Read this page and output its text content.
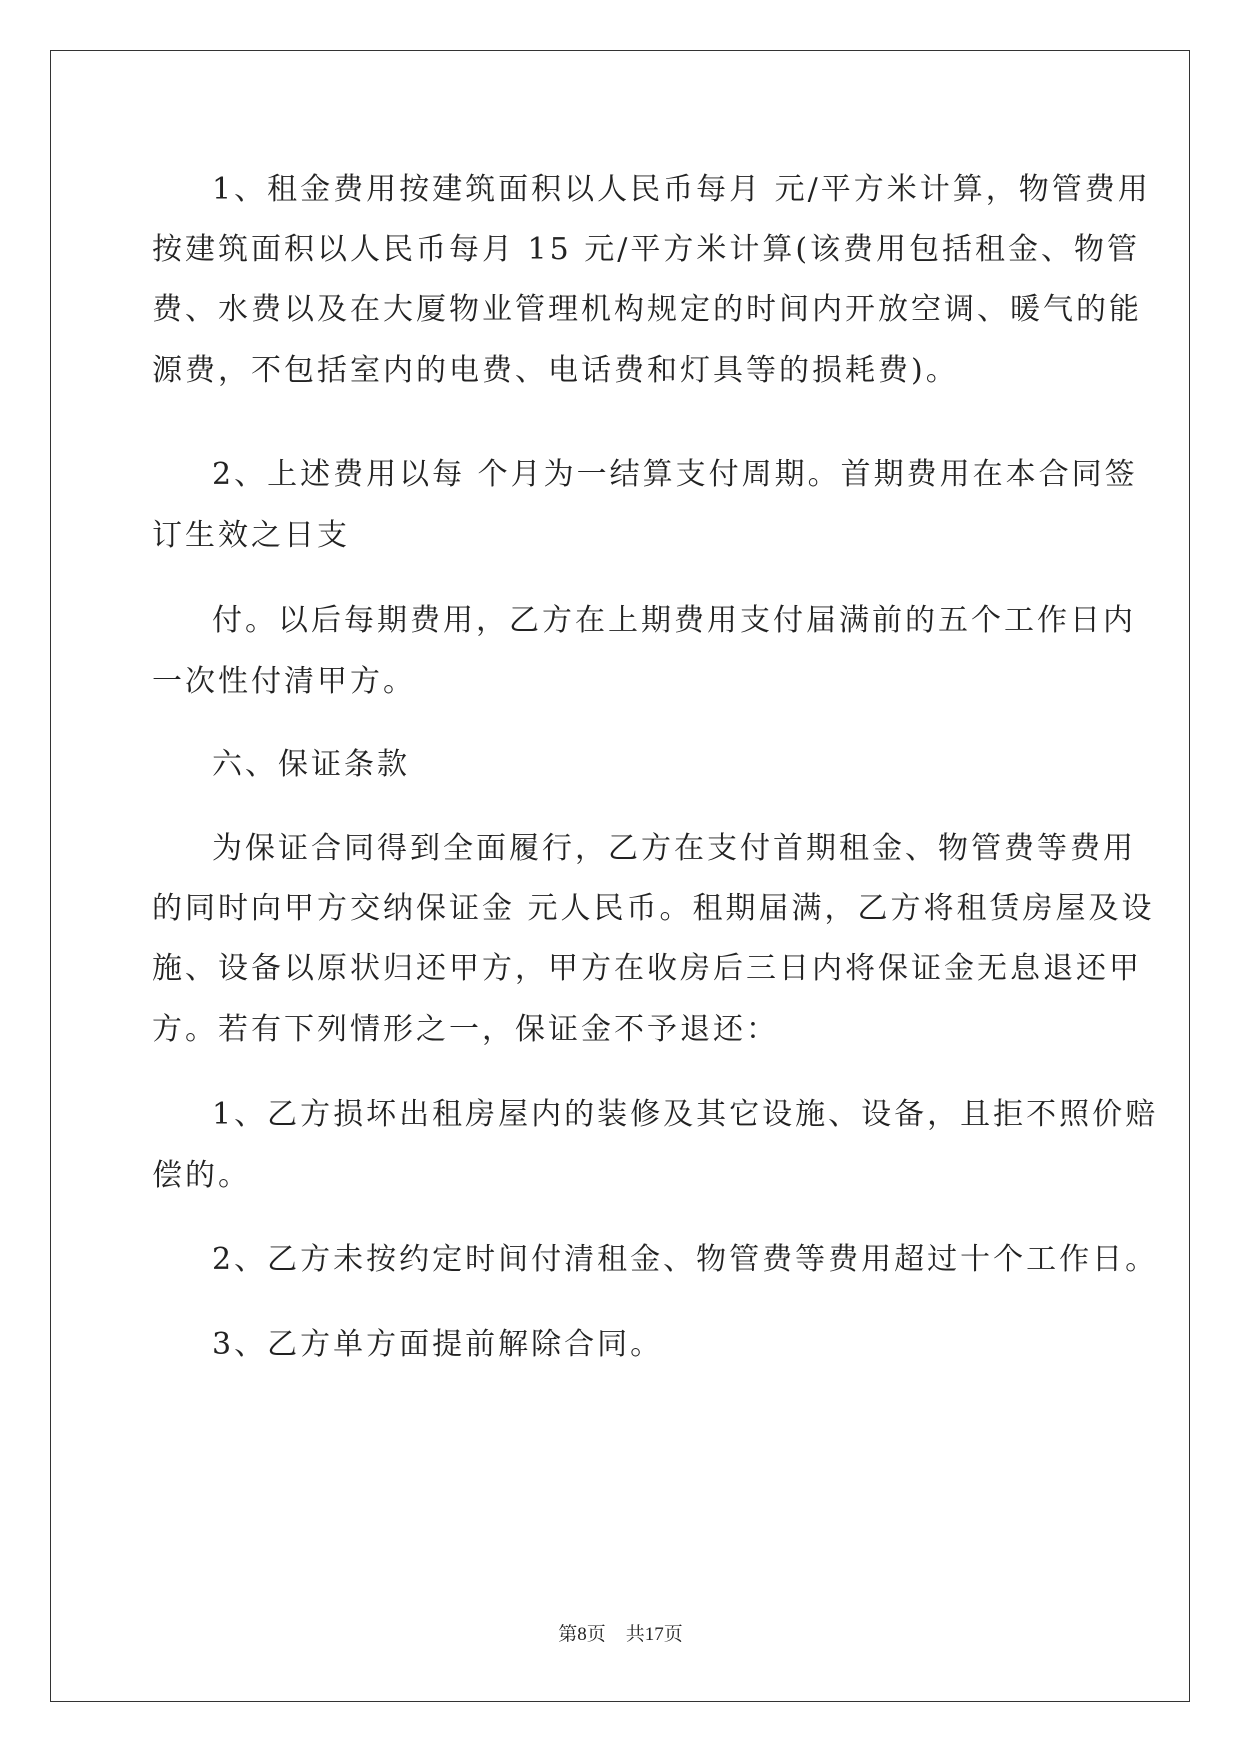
1、租金费用按建筑面积以人民币每月 元/平方米计算，物管费用
按建筑面积以人民币每月 15 元/平方米计算(该费用包括租金、物管
费、水费以及在大厦物业管理机构规定的时间内开放空调、暖气的能
源费，不包括室内的电费、电话费和灯具等的损耗费)。
2、上述费用以每 个月为一结算支付周期。首期费用在本合同签
订生效之日支
付。以后每期费用，乙方在上期费用支付届满前的五个工作日内
一次性付清甲方。
六、保证条款
为保证合同得到全面履行，乙方在支付首期租金、物管费等费用
的同时向甲方交纳保证金 元人民币。租期届满，乙方将租赁房屋及设
施、设备以原状归还甲方，甲方在收房后三日内将保证金无息退还甲
方。若有下列情形之一，保证金不予退还：
1、乙方损坏出租房屋内的装修及其它设施、设备，且拒不照价赔
偿的。
2、乙方未按约定时间付清租金、物管费等费用超过十个工作日。
3、乙方单方面提前解除合同。
第8页 共17页
